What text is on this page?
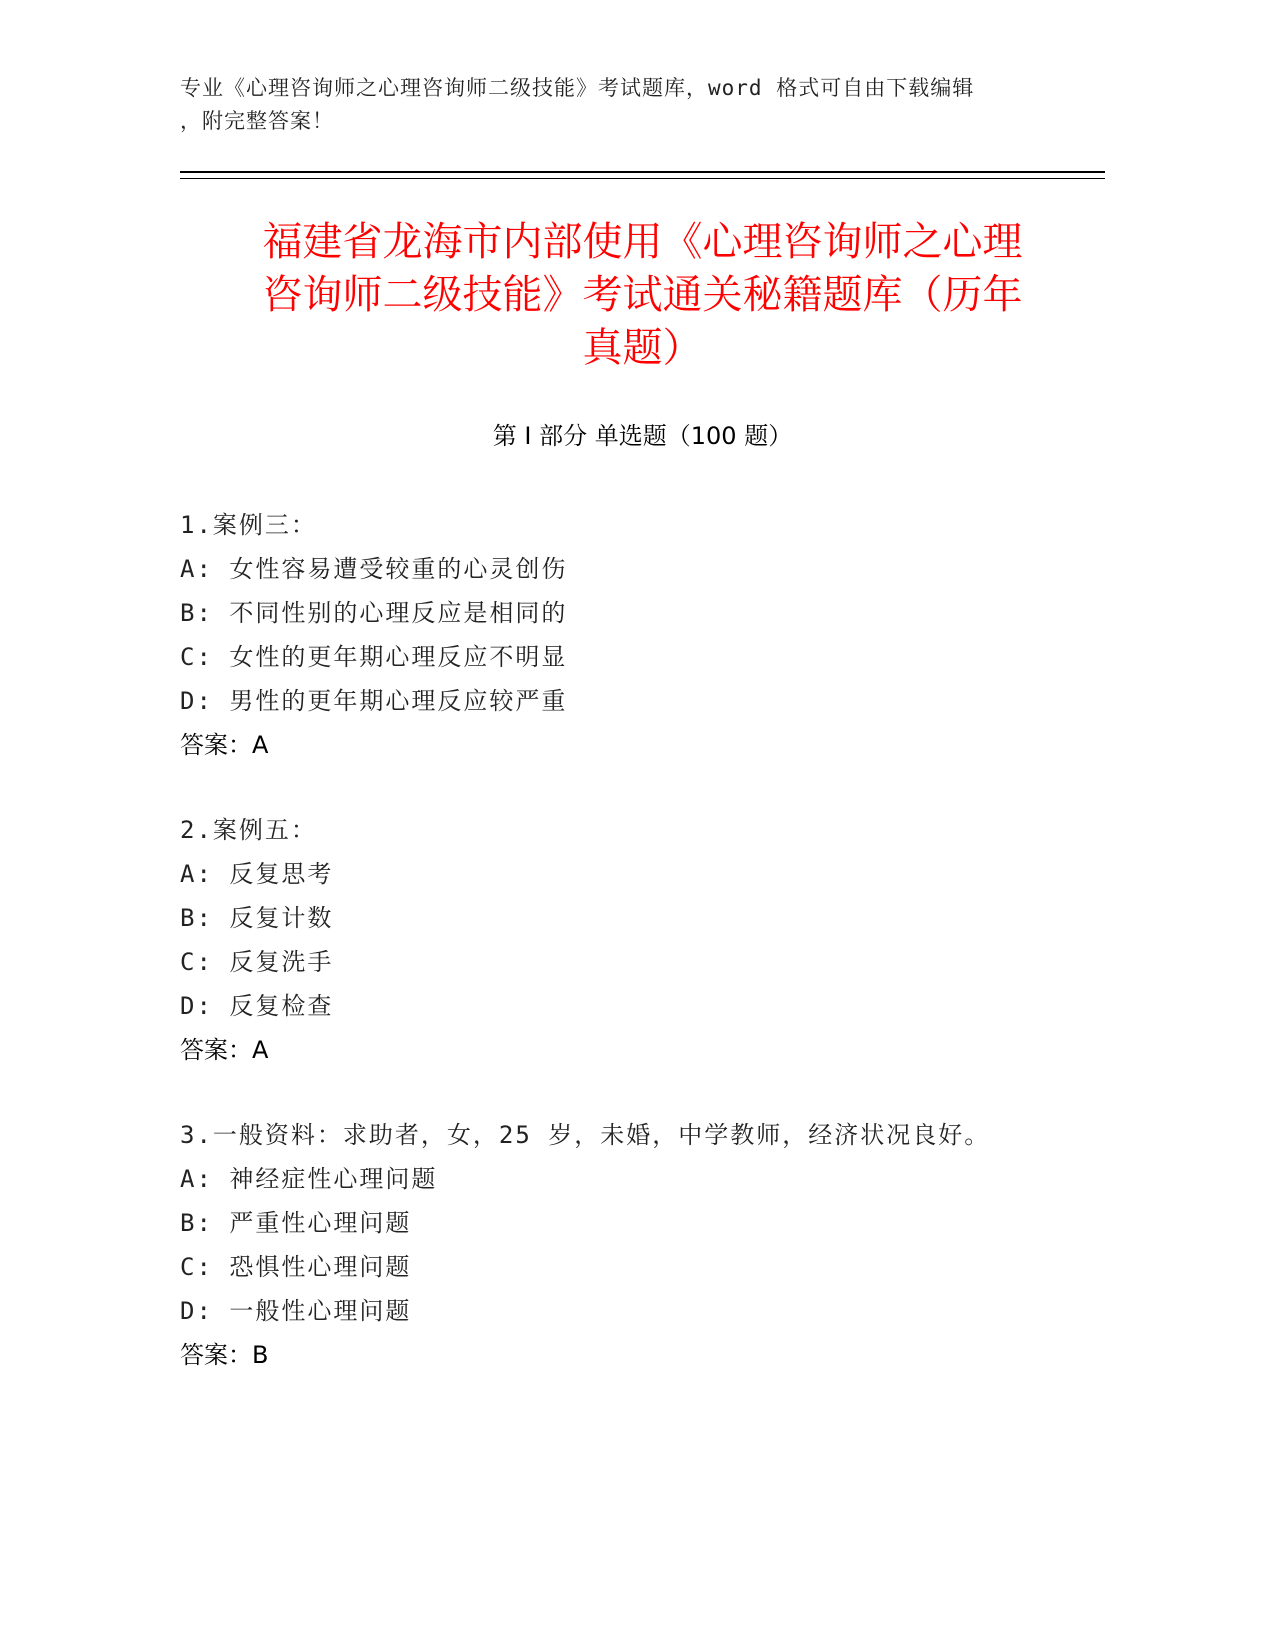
专业《心理咨询师之心理咨询师二级技能》考试题库，word 格式可自由下载编辑
，附完整答案！
福建省龙海市内部使用《心理咨询师之心理
咨询师二级技能》考试通关秘籍题库（历年
真题）
第 I 部分 单选题（100 题）
1.案例三：
A: 女性容易遭受较重的心灵创伤
B: 不同性别的心理反应是相同的
C: 女性的更年期心理反应不明显
D: 男性的更年期心理反应较严重
答案：A
2.案例五：
A: 反复思考
B: 反复计数
C: 反复洗手
D: 反复检查
答案：A
3.一般资料：求助者，女，25 岁，未婚，中学教师，经济状况良好。
A: 神经症性心理问题
B: 严重性心理问题
C: 恐惧性心理问题
D: 一般性心理问题
答案：B
